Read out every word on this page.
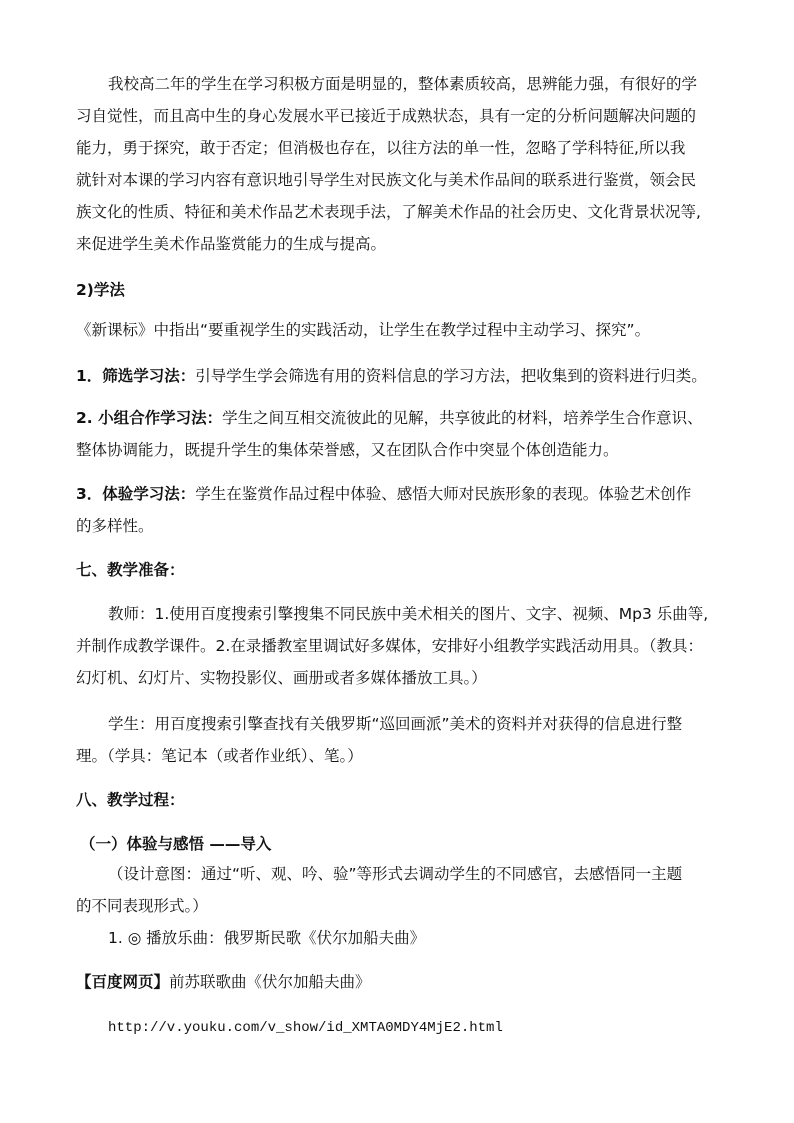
我校高二年的学生在学习积极方面是明显的，整体素质较高，思辨能力强，有很好的学
习自觉性，而且高中生的身心发展水平已接近于成熟状态，具有一定的分析问题解决问题的
能力，勇于探究，敢于否定；但消极也存在，以往方法的单一性，忽略了学科特征,所以我
就针对本课的学习内容有意识地引导学生对民族文化与美术作品间的联系进行鉴赏，领会民
族文化的性质、特征和美术作品艺术表现手法，了解美术作品的社会历史、文化背景状况等,
来促进学生美术作品鉴赏能力的生成与提高。
2)学法
《新课标》中指出“要重视学生的实践活动，让学生在教学过程中主动学习、探究”。
1．筛选学习法：引导学生学会筛选有用的资料信息的学习方法，把收集到的资料进行归类。
2. 小组合作学习法：学生之间互相交流彼此的见解，共享彼此的材料，培养学生合作意识、
整体协调能力，既提升学生的集体荣誉感，又在团队合作中突显个体创造能力。
3．体验学习法：学生在鉴赏作品过程中体验、感悟大师对民族形象的表现。体验艺术创作
的多样性。
七、教学准备：
教师：1.使用百度搜索引擎搜集不同民族中美术相关的图片、文字、视频、Mp3 乐曲等,
并制作成教学课件。2.在录播教室里调试好多媒体，安排好小组教学实践活动用具。（教具：
幻灯机、幻灯片、实物投影仪、画册或者多媒体播放工具。）
学生：用百度搜索引擎查找有关俄罗斯“巡回画派”美术的资料并对获得的信息进行整
理。（学具：笔记本（或者作业纸）、笔。）
八、教学过程：
（一）体验与感悟 ——导入
（设计意图：通过“听、观、吟、验”等形式去调动学生的不同感官，去感悟同一主题
的不同表现形式。）
1. ◎ 播放乐曲：俄罗斯民歌《伏尔加船夫曲》
【百度网页】前苏联歌曲《伏尔加船夫曲》
http://v.youku.com/v_show/id_XMTA0MDY4MjE2.html
